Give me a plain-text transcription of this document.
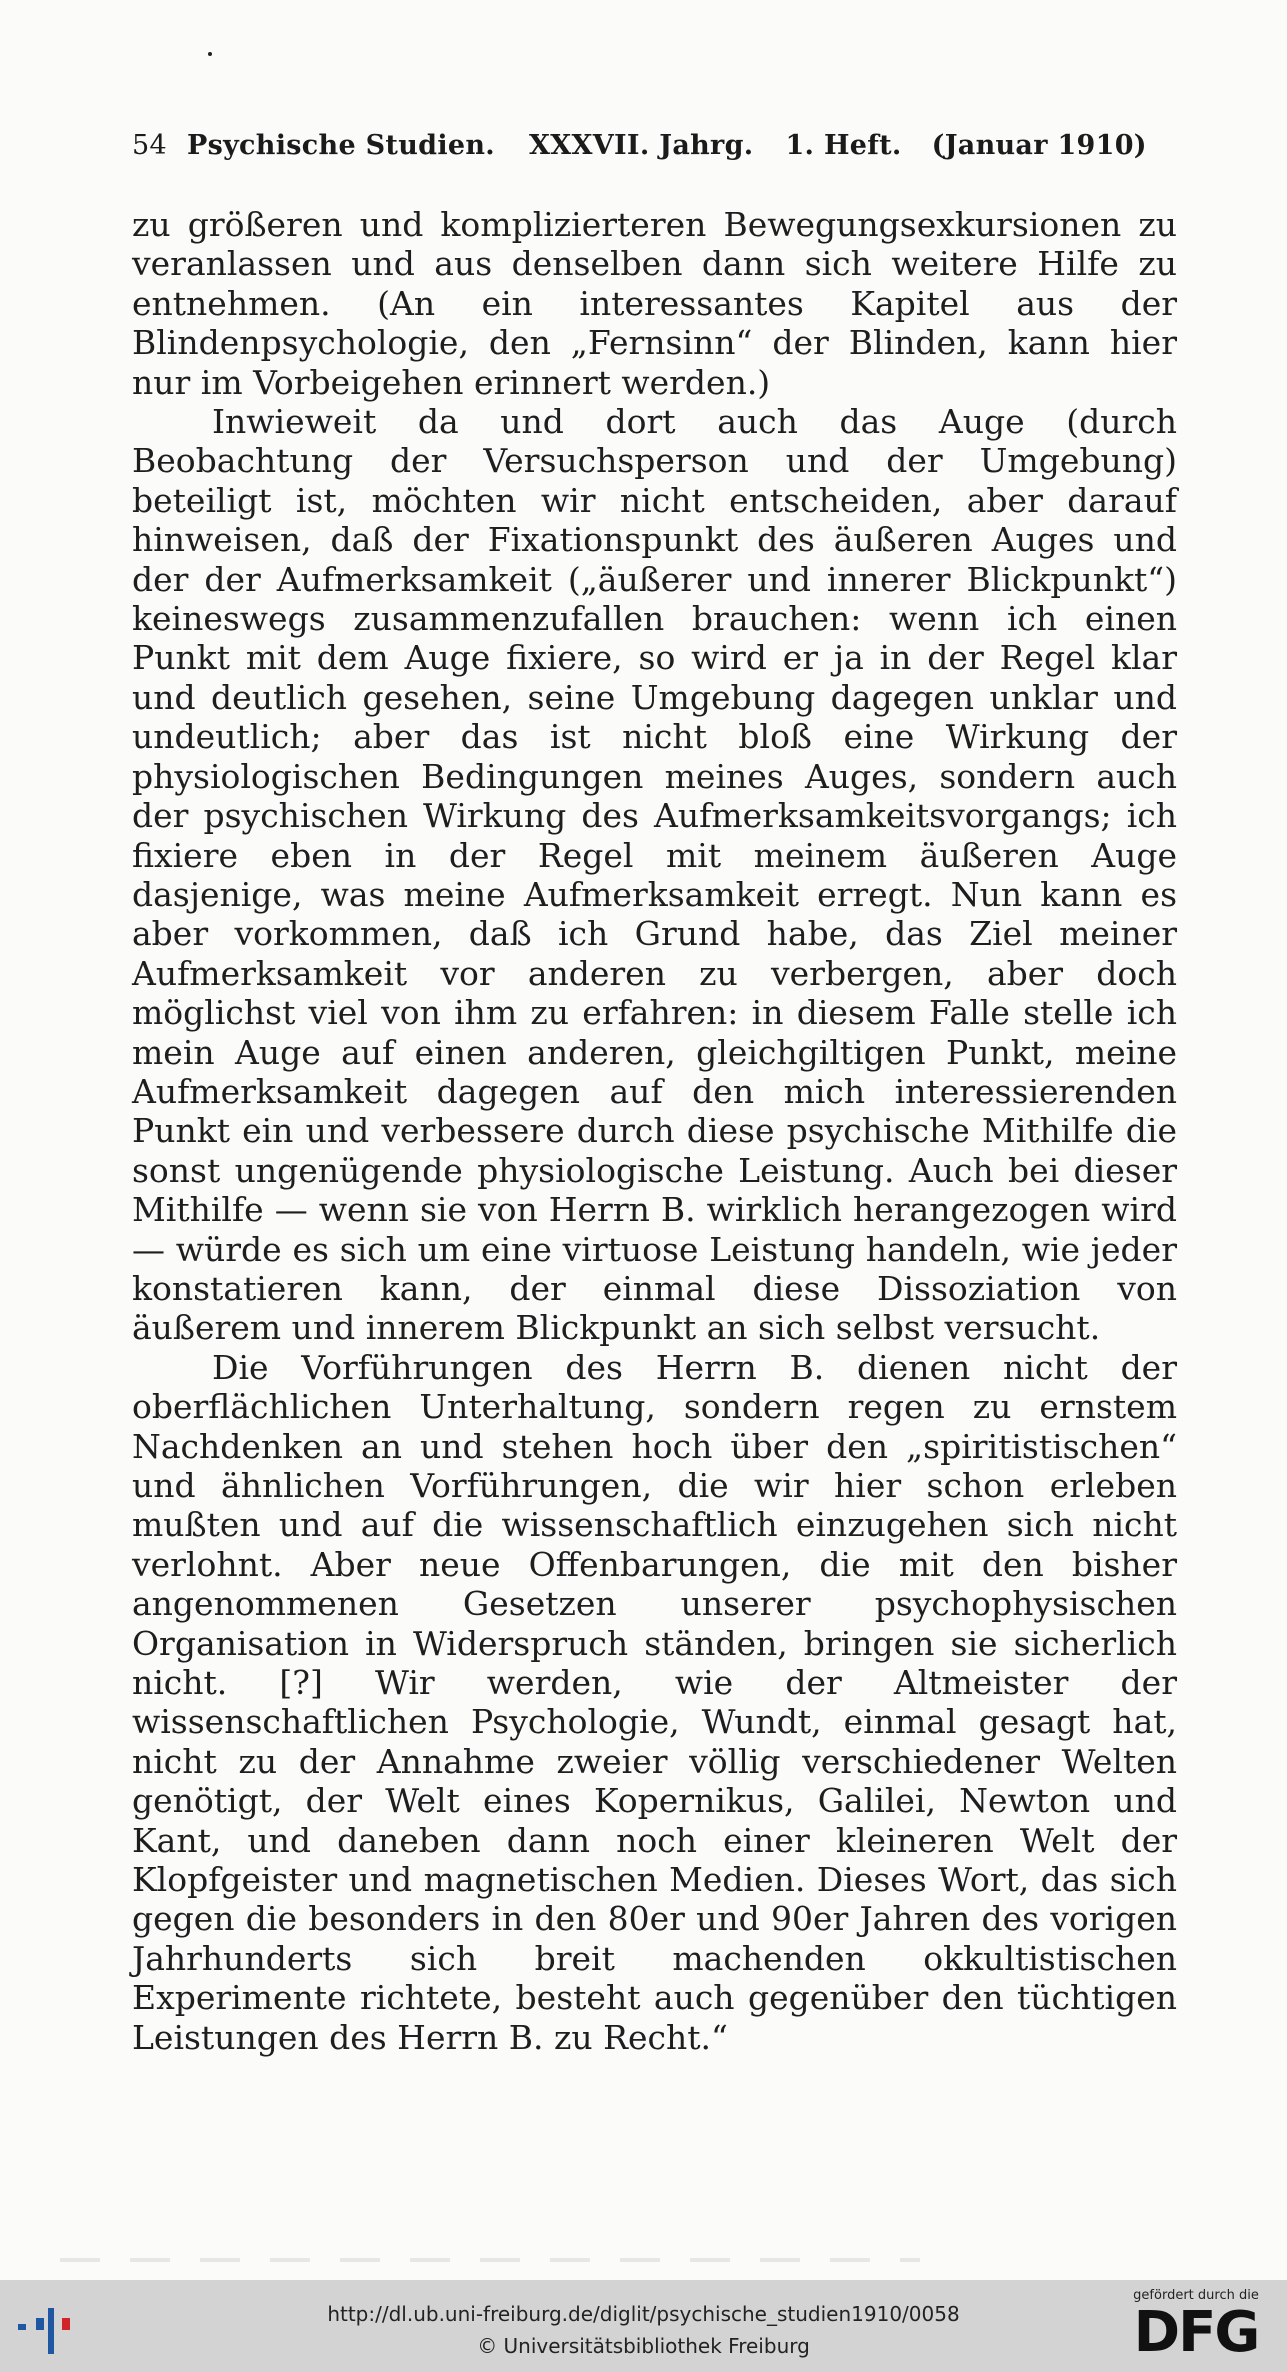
54 Psychische Studien. XXXVII. Jahrg. 1. Heft. (Januar 1910)

zu größeren und komplizierteren Bewegungsexkursionen zu veranlassen und aus denselben dann sich weitere Hilfe zu entnehmen. (An ein interessantes Kapitel aus der Blindenpsychologie, den „Fernsinn“ der Blinden, kann hier nur im Vorbeigehen erinnert werden.)

Inwieweit da und dort auch das Auge (durch Beobachtung der Versuchsperson und der Umgebung) beteiligt ist, möchten wir nicht entscheiden, aber darauf hinweisen, daß der Fixationspunkt des äußeren Auges und der der Aufmerksamkeit („äußerer und innerer Blickpunkt“) keineswegs zusammenzufallen brauchen: wenn ich einen Punkt mit dem Auge fixiere, so wird er ja in der Regel klar und deutlich gesehen, seine Umgebung dagegen unklar und undeutlich; aber das ist nicht bloß eine Wirkung der physiologischen Bedingungen meines Auges, sondern auch der psychischen Wirkung des Aufmerksamkeitsvorgangs; ich fixiere eben in der Regel mit meinem äußeren Auge dasjenige, was meine Aufmerksamkeit erregt. Nun kann es aber vorkommen, daß ich Grund habe, das Ziel meiner Aufmerksamkeit vor anderen zu verbergen, aber doch möglichst viel von ihm zu erfahren: in diesem Falle stelle ich mein Auge auf einen anderen, gleichgiltigen Punkt, meine Aufmerksamkeit dagegen auf den mich interessierenden Punkt ein und verbessere durch diese psychische Mithilfe die sonst ungenügende physiologische Leistung. Auch bei dieser Mithilfe — wenn sie von Herrn B. wirklich herangezogen wird — würde es sich um eine virtuose Leistung handeln, wie jeder konstatieren kann, der einmal diese Dissoziation von äußerem und innerem Blickpunkt an sich selbst versucht.

Die Vorführungen des Herrn B. dienen nicht der oberflächlichen Unterhaltung, sondern regen zu ernstem Nachdenken an und stehen hoch über den „spiritistischen“ und ähnlichen Vorführungen, die wir hier schon erleben mußten und auf die wissenschaftlich einzugehen sich nicht verlohnt. Aber neue Offenbarungen, die mit den bisher angenommenen Gesetzen unserer psychophysischen Organisation in Widerspruch ständen, bringen sie sicherlich nicht. [?] Wir werden, wie der Altmeister der wissenschaftlichen Psychologie, Wundt, einmal gesagt hat, nicht zu der Annahme zweier völlig verschiedener Welten genötigt, der Welt eines Kopernikus, Galilei, Newton und Kant, und daneben dann noch einer kleineren Welt der Klopfgeister und magnetischen Medien. Dieses Wort, das sich gegen die besonders in den 80er und 90er Jahren des vorigen Jahrhunderts sich breit machenden okkultistischen Experimente richtete, besteht auch gegenüber den tüchtigen Leistungen des Herrn B. zu Recht.“

http://dl.ub.uni-freiburg.de/diglit/psychische_studien1910/0058
© Universitätsbibliothek Freiburg
gefördert durch die
DFG
